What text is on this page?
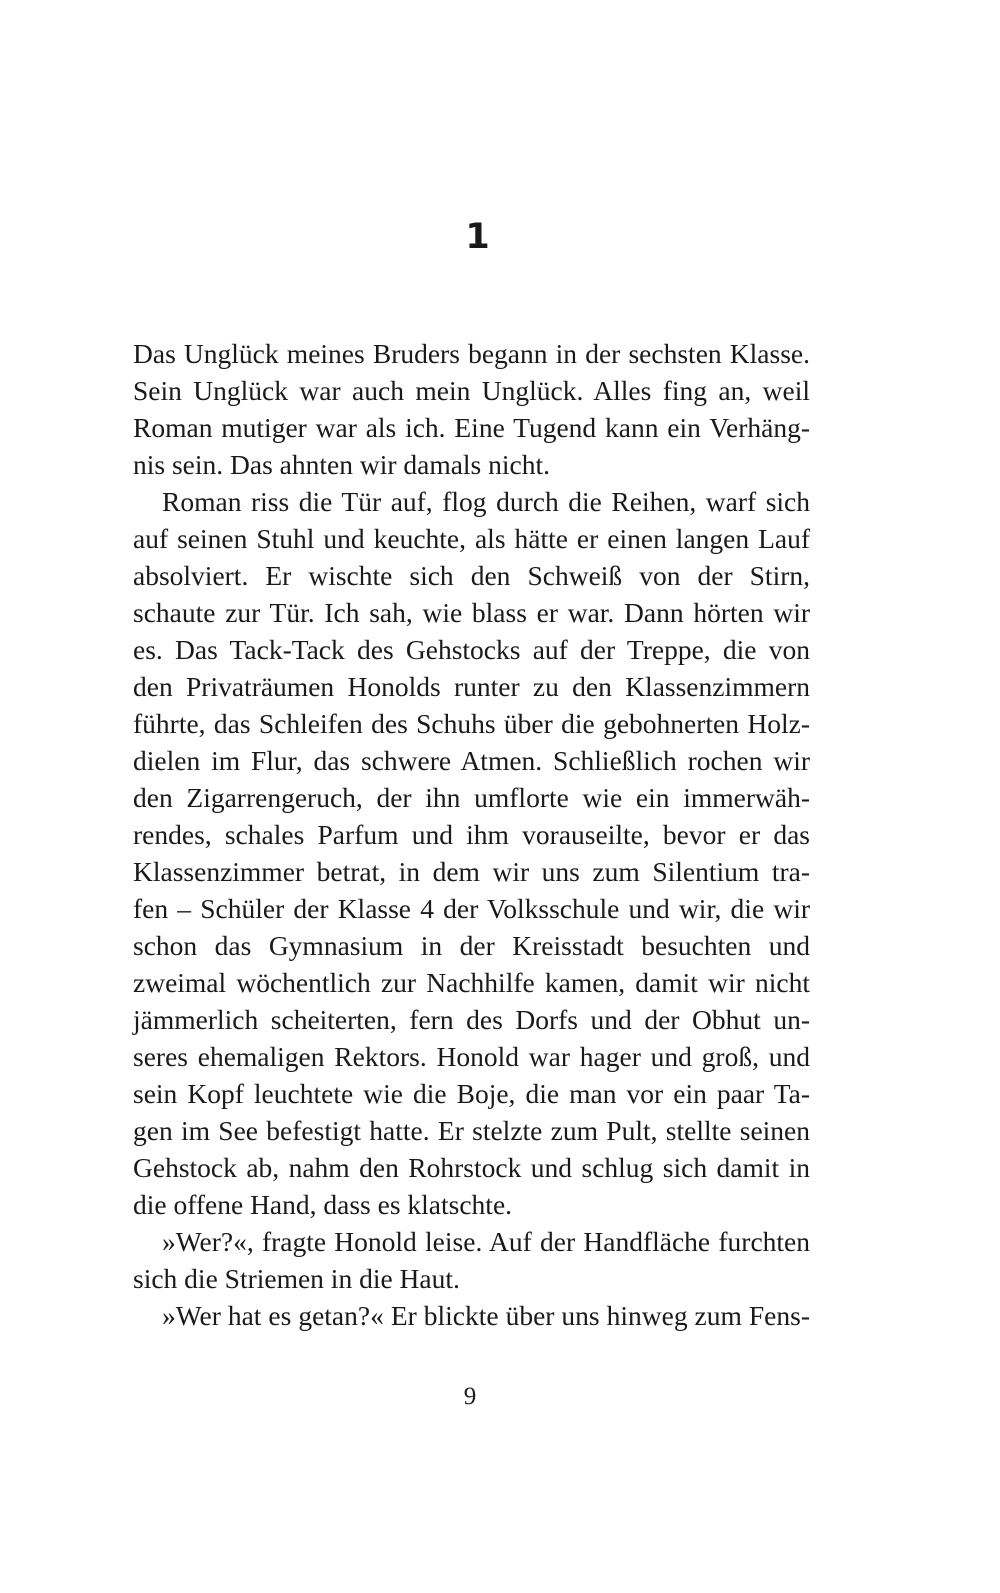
1
Das Unglück meines Bruders begann in der sechsten Klasse.
Sein Unglück war auch mein Unglück. Alles fing an, weil
Roman mutiger war als ich. Eine Tugend kann ein Verhäng-
nis sein. Das ahnten wir damals nicht.
Roman riss die Tür auf, flog durch die Reihen, warf sich
auf seinen Stuhl und keuchte, als hätte er einen langen Lauf
absolviert. Er wischte sich den Schweiß von der Stirn,
schaute zur Tür. Ich sah, wie blass er war. Dann hörten wir
es. Das Tack-Tack des Gehstocks auf der Treppe, die von
den Privaträumen Honolds runter zu den Klassenzimmern
führte, das Schleifen des Schuhs über die gebohnerten Holz-
dielen im Flur, das schwere Atmen. Schließlich rochen wir
den Zigarrengeruch, der ihn umflorte wie ein immerwäh-
rendes, schales Parfum und ihm vorauseilte, bevor er das
Klassenzimmer betrat, in dem wir uns zum Silentium tra-
fen – Schüler der Klasse 4 der Volksschule und wir, die wir
schon das Gymnasium in der Kreisstadt besuchten und
zweimal wöchentlich zur Nachhilfe kamen, damit wir nicht
jämmerlich scheiterten, fern des Dorfs und der Obhut un-
seres ehemaligen Rektors. Honold war hager und groß, und
sein Kopf leuchtete wie die Boje, die man vor ein paar Ta-
gen im See befestigt hatte. Er stelzte zum Pult, stellte seinen
Gehstock ab, nahm den Rohrstock und schlug sich damit in
die offene Hand, dass es klatschte.
»Wer?«, fragte Honold leise. Auf der Handfläche furchten
sich die Striemen in die Haut.
»Wer hat es getan?« Er blickte über uns hinweg zum Fens-
9
